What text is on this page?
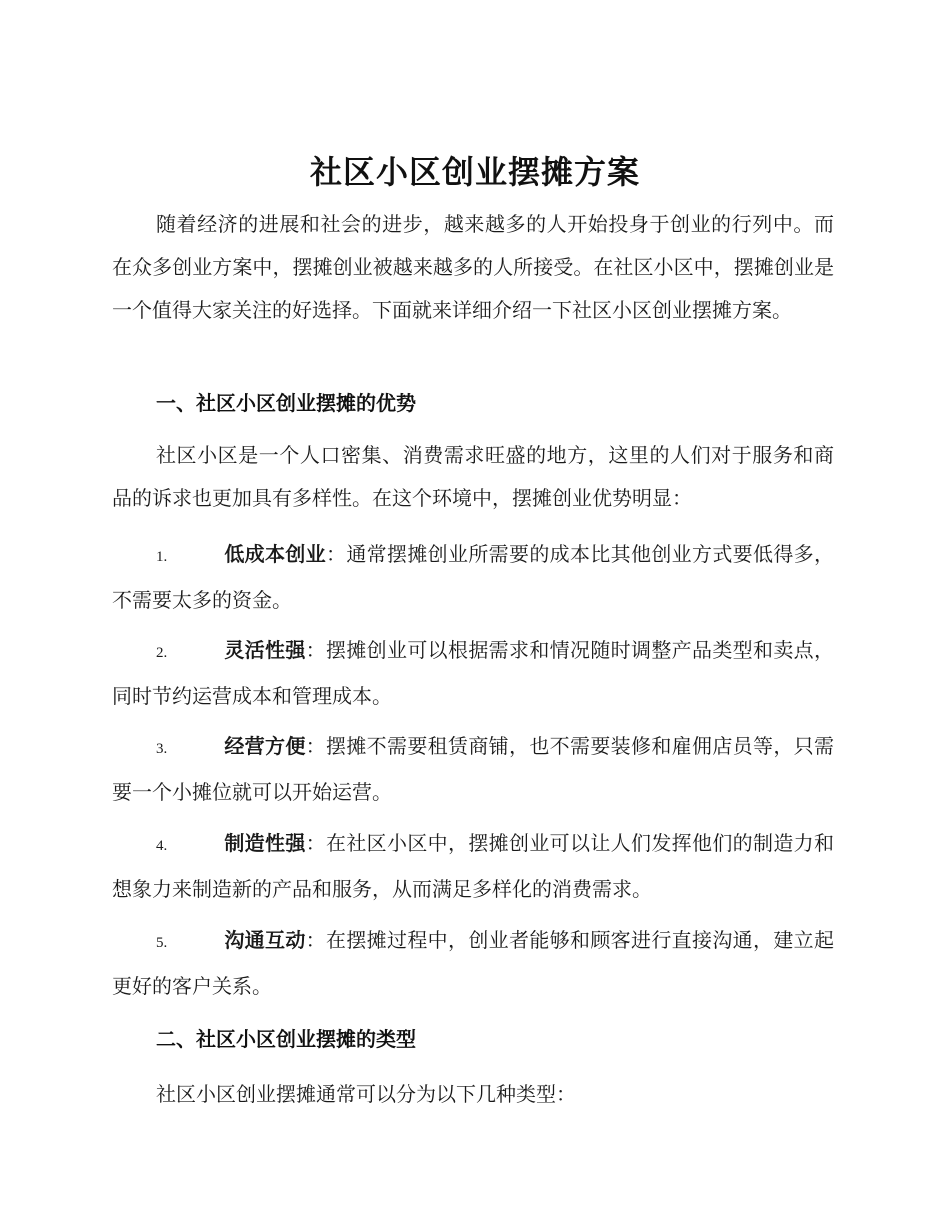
社区小区创业摆摊方案

随着经济的进展和社会的进步，越来越多的人开始投身于创业的行列中。而在众多创业方案中，摆摊创业被越来越多的人所接受。在社区小区中，摆摊创业是一个值得大家关注的好选择。下面就来详细介绍一下社区小区创业摆摊方案。

一、社区小区创业摆摊的优势

社区小区是一个人口密集、消费需求旺盛的地方，这里的人们对于服务和商品的诉求也更加具有多样性。在这个环境中，摆摊创业优势明显：

1.	低成本创业：通常摆摊创业所需要的成本比其他创业方式要低得多，不需要太多的资金。

2.	灵活性强：摆摊创业可以根据需求和情况随时调整产品类型和卖点，同时节约运营成本和管理成本。

3.	经营方便：摆摊不需要租赁商铺，也不需要装修和雇佣店员等，只需要一个小摊位就可以开始运营。

4.	制造性强：在社区小区中，摆摊创业可以让人们发挥他们的制造力和想象力来制造新的产品和服务，从而满足多样化的消费需求。

5.	沟通互动：在摆摊过程中，创业者能够和顾客进行直接沟通，建立起更好的客户关系。

二、社区小区创业摆摊的类型

社区小区创业摆摊通常可以分为以下几种类型：
